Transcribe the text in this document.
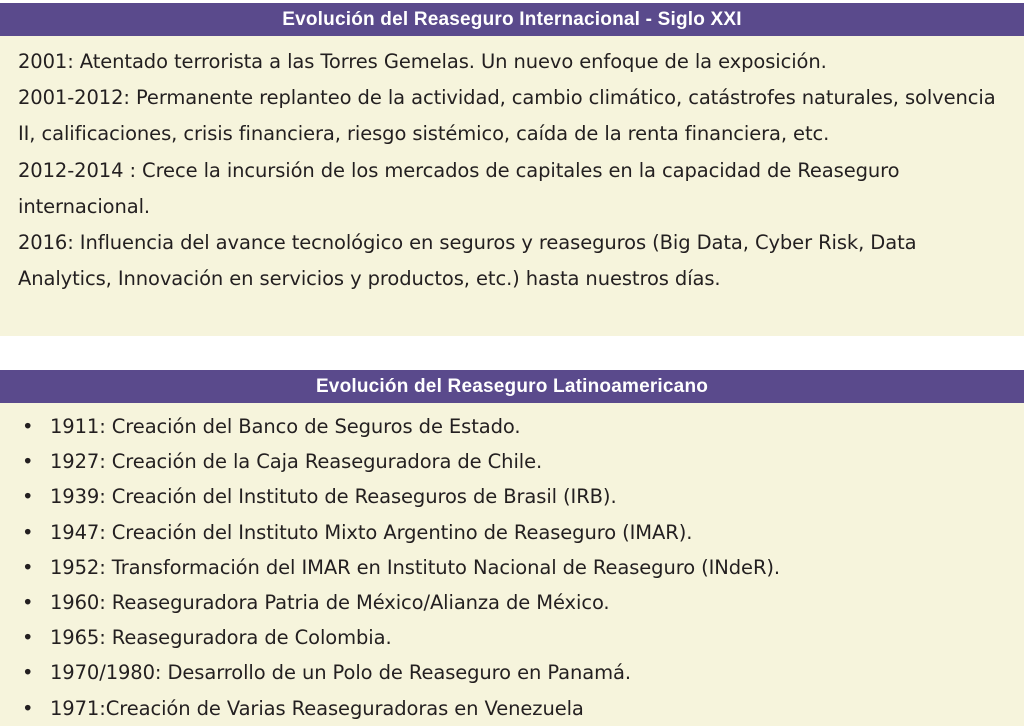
Evolución del Reaseguro Internacional - Siglo XXI

2001: Atentado terrorista a las Torres Gemelas. Un nuevo enfoque de la exposición.

2001-2012: Permanente replanteo de la actividad, cambio climático, catástrofes naturales, solvencia II, calificaciones, crisis financiera, riesgo sistémico, caída de la renta financiera, etc.

2012-2014 : Crece la incursión de los mercados de capitales en la capacidad de Reaseguro internacional.

2016: Influencia del avance tecnológico en seguros y reaseguros (Big Data, Cyber Risk, Data Analytics, Innovación en servicios y productos, etc.) hasta nuestros días.

Evolución del Reaseguro Latinoamericano
• 1911: Creación del Banco de Seguros de Estado.
• 1927: Creación de la Caja Reaseguradora de Chile.
• 1939: Creación del Instituto de Reaseguros de Brasil (IRB).
• 1947: Creación del Instituto Mixto Argentino de Reaseguro (IMAR).
• 1952: Transformación del IMAR en Instituto Nacional de Reaseguro (INdeR).
• 1960: Reaseguradora Patria de México/Alianza de México.
• 1965: Reaseguradora de Colombia.
• 1970/1980: Desarrollo de un Polo de Reaseguro en Panamá.
• 1971:Creación de Varias Reaseguradoras en Venezuela
